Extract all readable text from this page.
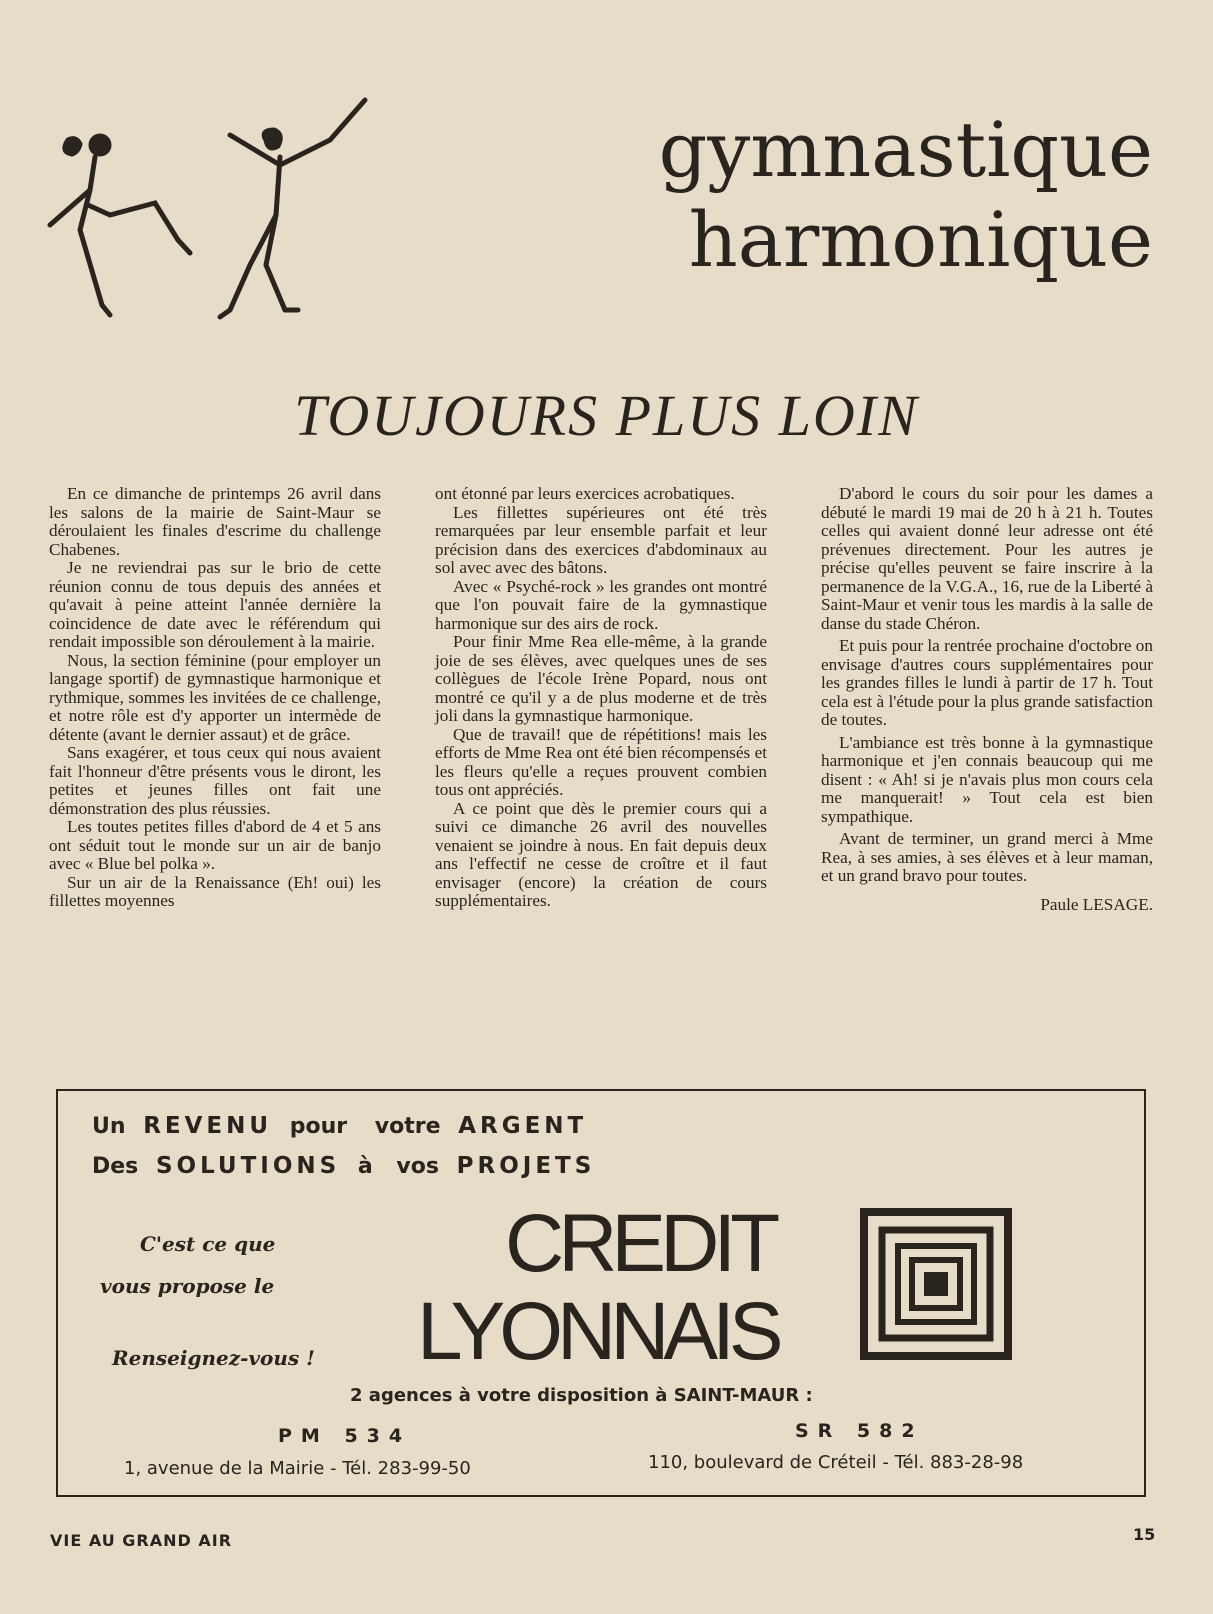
gymnastique
harmonique
TOUJOURS PLUS LOIN

En ce dimanche de printemps 26 avril dans les salons de la mairie de Saint-Maur se déroulaient les finales d'escrime du challenge Chabenes.

Je ne reviendrai pas sur le brio de cette réunion connu de tous depuis des années et qu'avait à peine atteint l'année dernière la coincidence de date avec le référendum qui rendait impossible son déroulement à la mairie.

Nous, la section féminine (pour employer un langage sportif) de gymnastique harmonique et rythmique, sommes les invitées de ce challenge, et notre rôle est d'y apporter un intermède de détente (avant le dernier assaut) et de grâce.

Sans exagérer, et tous ceux qui nous avaient fait l'honneur d'être présents vous le diront, les petites et jeunes filles ont fait une démonstration des plus réussies.

Les toutes petites filles d'abord de 4 et 5 ans ont séduit tout le monde sur un air de banjo avec « Blue bel polka ».

Sur un air de la Renaissance (Eh! oui) les fillettes moyennes

ont étonné par leurs exercices acrobatiques.

Les fillettes supérieures ont été très remarquées par leur ensemble parfait et leur précision dans des exercices d'abdominaux au sol avec avec des bâtons.

Avec « Psyché-rock » les grandes ont montré que l'on pouvait faire de la gymnastique harmonique sur des airs de rock.

Pour finir Mme Rea elle-même, à la grande joie de ses élèves, avec quelques unes de ses collègues de l'école Irène Popard, nous ont montré ce qu'il y a de plus moderne et de très joli dans la gymnastique harmonique.

Que de travail! que de répétitions! mais les efforts de Mme Rea ont été bien récompensés et les fleurs qu'elle a reçues prouvent combien tous ont appréciés.

A ce point que dès le premier cours qui a suivi ce dimanche 26 avril des nouvelles venaient se joindre à nous. En fait depuis deux ans l'effectif ne cesse de croître et il faut envisager (encore) la création de cours supplémentaires.

D'abord le cours du soir pour les dames a débuté le mardi 19 mai de 20 h à 21 h. Toutes celles qui avaient donné leur adresse ont été prévenues directement. Pour les autres je précise qu'elles peuvent se faire inscrire à la permanence de la V.G.A., 16, rue de la Liberté à Saint-Maur et venir tous les mardis à la salle de danse du stade Chéron.

Et puis pour la rentrée prochaine d'octobre on envisage d'autres cours supplémentaires pour les grandes filles le lundi à partir de 17 h. Tout cela est à l'étude pour la plus grande satisfaction de toutes.

L'ambiance est très bonne à la gymnastique harmonique et j'en connais beaucoup qui me disent : « Ah! si je n'avais plus mon cours cela me manquerait! » Tout cela est bien sympathique.

Avant de terminer, un grand merci à Mme Rea, à ses amies, à ses élèves et à leur maman, et un grand bravo pour toutes.

Paule LESAGE.

Un REVENU pour votre ARGENT
Des SOLUTIONS à vos PROJETS
C'est ce que
vous propose le
Renseignez-vous !
CREDIT
LYONNAIS
2 agences à votre disposition à SAINT-MAUR :
PM 534	SR 582
1, avenue de la Mairie - Tél. 283-99-50	110, boulevard de Créteil - Tél. 883-28-98
VIE AU GRAND AIR	15
